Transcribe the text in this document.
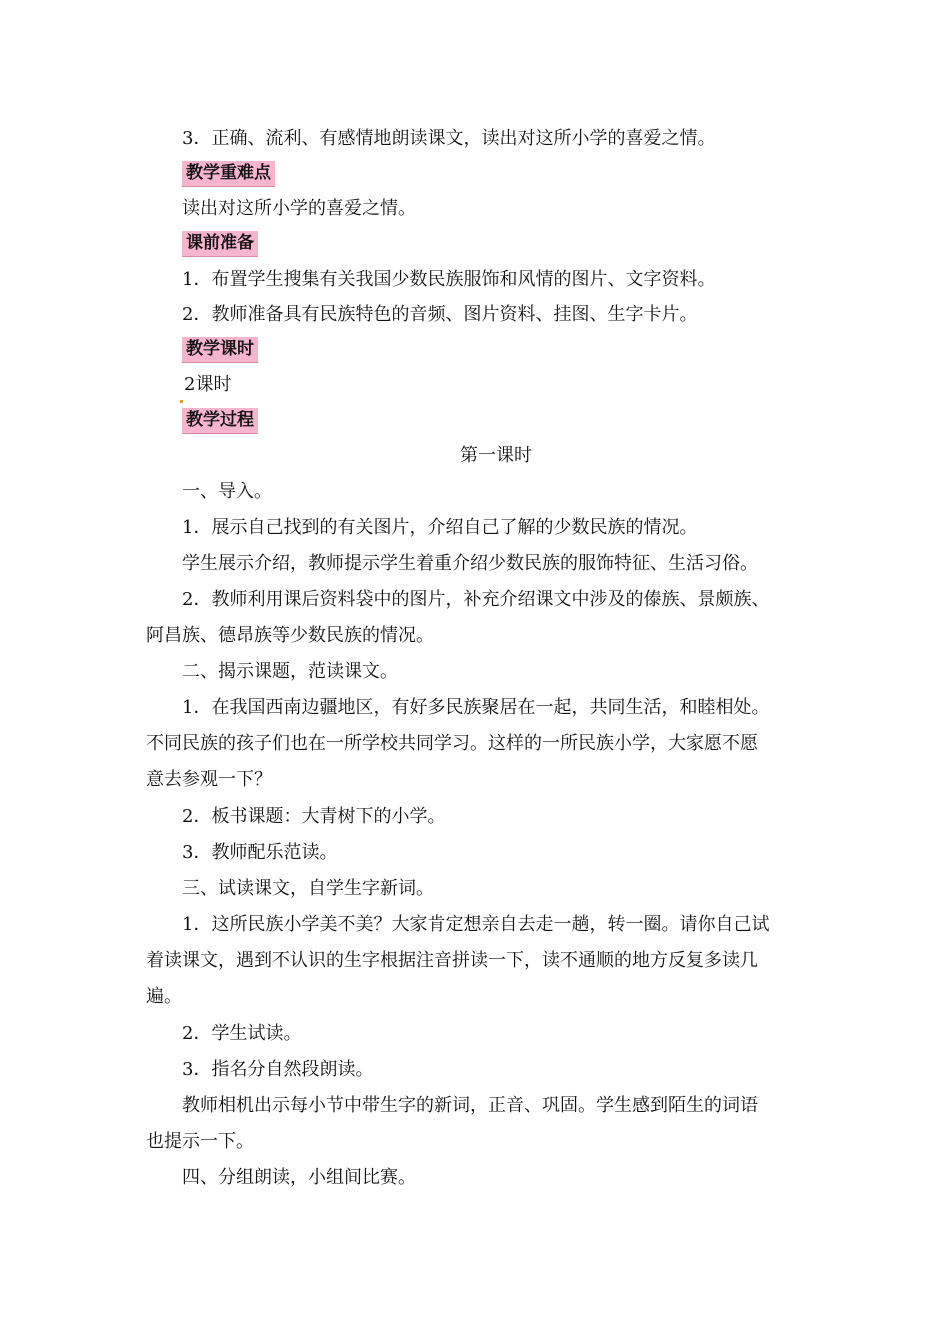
3．正确、流利、有感情地朗读课文，读出对这所小学的喜爱之情。
教学重难点
读出对这所小学的喜爱之情。
课前准备
1．布置学生搜集有关我国少数民族服饰和风情的图片、文字资料。
2．教师准备具有民族特色的音频、图片资料、挂图、生字卡片。
教学课时
2课时
教学过程
第一课时
一、导入。
1．展示自己找到的有关图片，介绍自己了解的少数民族的情况。
学生展示介绍，教师提示学生着重介绍少数民族的服饰特征、生活习俗。
2．教师利用课后资料袋中的图片，补充介绍课文中涉及的傣族、景颇族、
阿昌族、德昂族等少数民族的情况。
二、揭示课题，范读课文。
1．在我国西南边疆地区，有好多民族聚居在一起，共同生活，和睦相处。
不同民族的孩子们也在一所学校共同学习。这样的一所民族小学，大家愿不愿
意去参观一下？
2．板书课题：大青树下的小学。
3．教师配乐范读。
三、试读课文，自学生字新词。
1．这所民族小学美不美？大家肯定想亲自去走一趟，转一圈。请你自己试
着读课文，遇到不认识的生字根据注音拼读一下，读不通顺的地方反复多读几
遍。
2．学生试读。
3．指名分自然段朗读。
教师相机出示每小节中带生字的新词，正音、巩固。学生感到陌生的词语
也提示一下。
四、分组朗读，小组间比赛。
